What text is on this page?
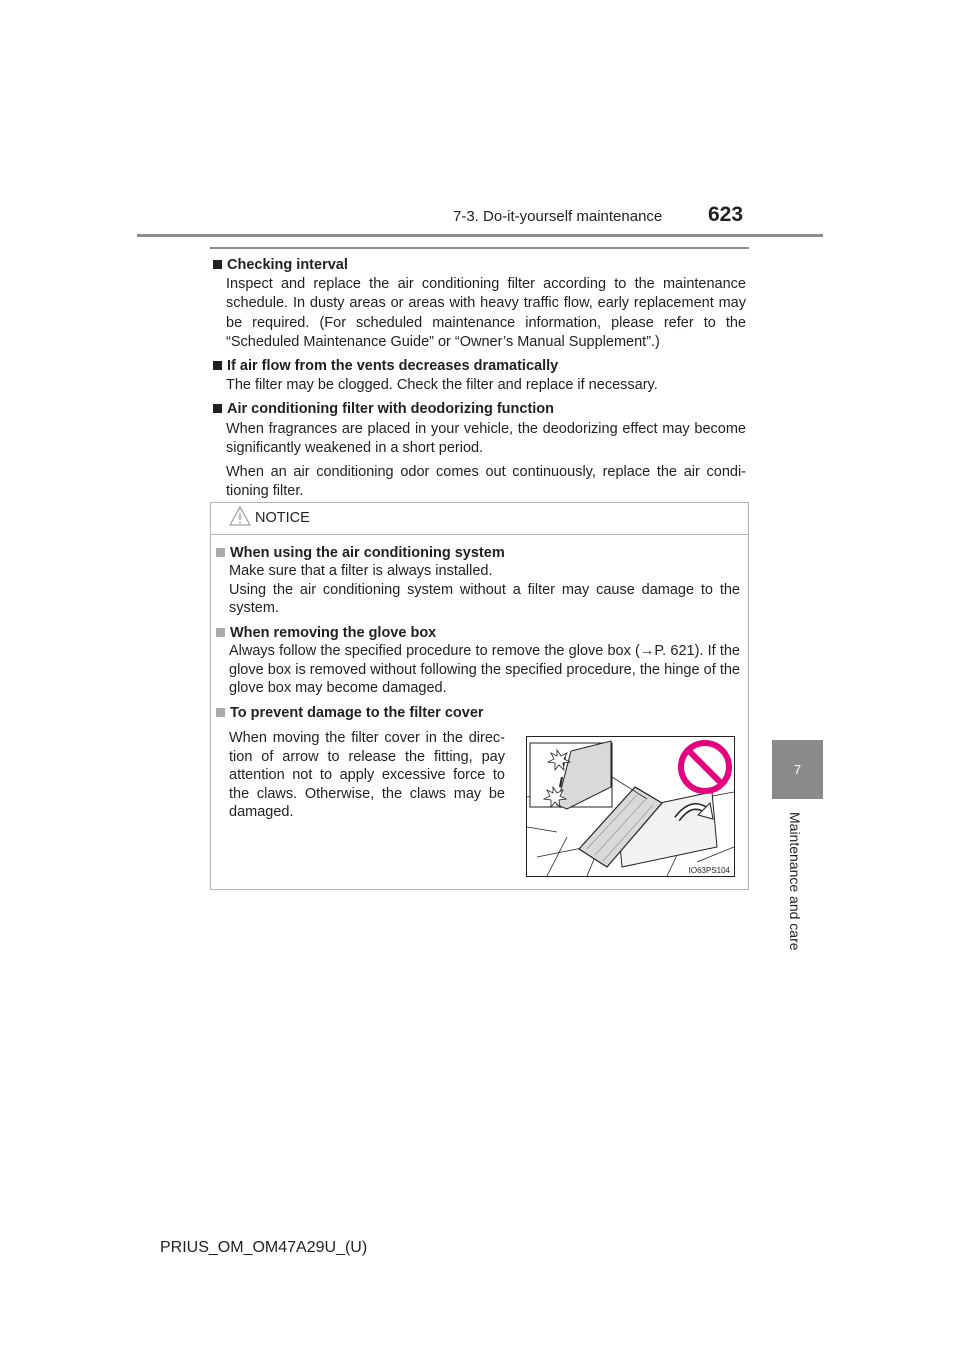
7-3. Do-it-yourself maintenance 623
7
Maintenance and care
Checking interval
Inspect and replace the air conditioning filter according to the maintenance schedule. In dusty areas or areas with heavy traffic flow, early replacement may be required. (For scheduled maintenance information, please refer to the “Scheduled Maintenance Guide” or “Owner’s Manual Supplement”.)
If air flow from the vents decreases dramatically
The filter may be clogged. Check the filter and replace if necessary.
Air conditioning filter with deodorizing function
When fragrances are placed in your vehicle, the deodorizing effect may become significantly weakened in a short period.
When an air conditioning odor comes out continuously, replace the air condi-tioning filter.
NOTICE
When using the air conditioning system
Make sure that a filter is always installed.
Using the air conditioning system without a filter may cause damage to the system.
When removing the glove box
Always follow the specified procedure to remove the glove box (→P. 621). If the glove box is removed without following the specified procedure, the hinge of the glove box may become damaged.
To prevent damage to the filter cover
When moving the filter cover in the direc-tion of arrow to release the fitting, pay attention not to apply excessive force to the claws. Otherwise, the claws may be damaged.
IO63PS104
PRIUS_OM_OM47A29U_(U)
